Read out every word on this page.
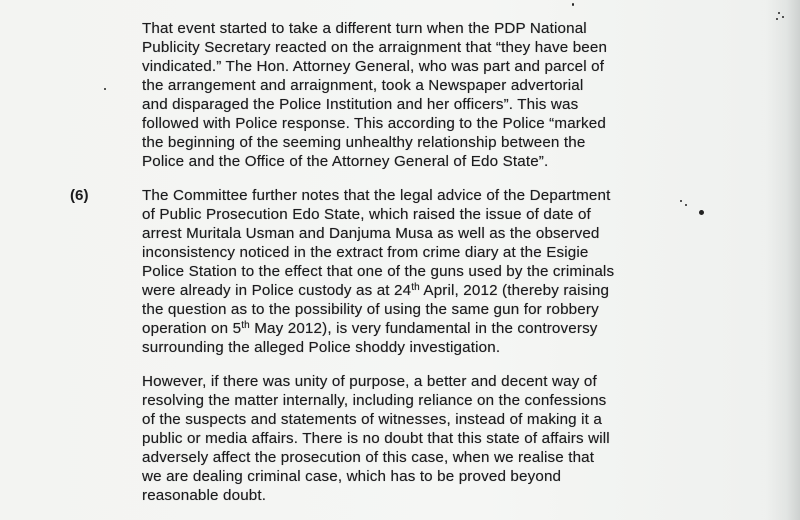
That event started to take a different turn when the PDP National
Publicity Secretary reacted on the arraignment that “they have been
vindicated.” The Hon. Attorney General, who was part and parcel of
the arrangement and arraignment, took a Newspaper advertorial
and disparaged the Police Institution and her officers”. This was
followed with Police response. This according to the Police “marked
the beginning of the seeming unhealthy relationship between the
Police and the Office of the Attorney General of Edo State”.
(6)	The Committee further notes that the legal advice of the Department
of Public Prosecution Edo State, which raised the issue of date of
arrest Muritala Usman and Danjuma Musa as well as the observed
inconsistency noticed in the extract from crime diary at the Esigie
Police Station to the effect that one of the guns used by the criminals
were already in Police custody as at 24th April, 2012 (thereby raising
the question as to the possibility of using the same gun for robbery
operation on 5th May 2012), is very fundamental in the controversy
surrounding the alleged Police shoddy investigation.
However, if there was unity of purpose, a better and decent way of
resolving the matter internally, including reliance on the confessions
of the suspects and statements of witnesses, instead of making it a
public or media affairs. There is no doubt that this state of affairs will
adversely affect the prosecution of this case, when we realise that
we are dealing criminal case, which has to be proved beyond
reasonable doubt.
